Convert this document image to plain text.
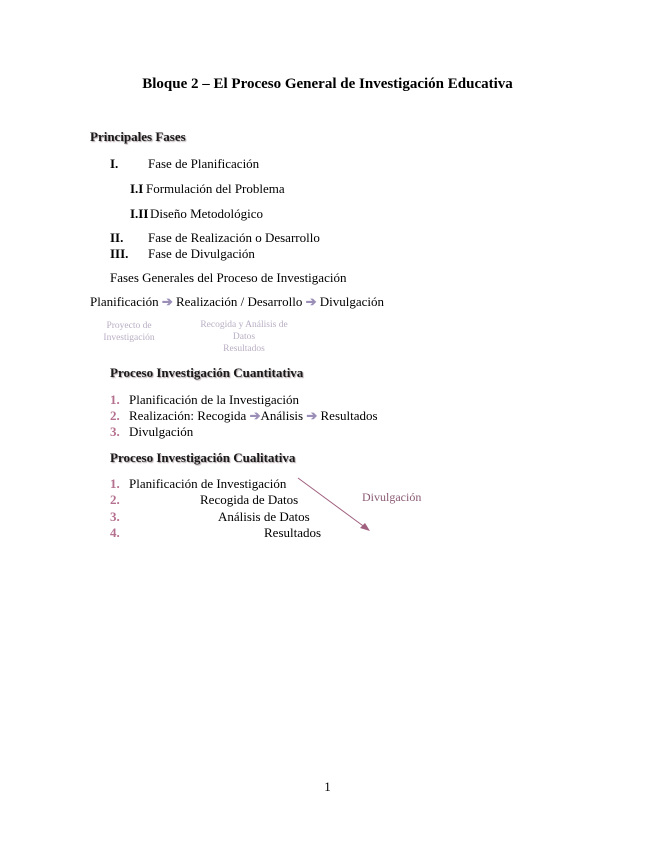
Bloque 2 – El Proceso General de Investigación Educativa
Principales Fases
I. Fase de Planificación
I.I Formulación del Problema
I.II Diseño Metodológico
II. Fase de Realización o Desarrollo
III. Fase de Divulgación
Fases Generales del Proceso de Investigación
Planificación ➔ Realización / Desarrollo ➔ Divulgación
Proyecto de
Investigación
Recogida y Análisis de
Datos
Resultados
Proceso Investigación Cuantitativa
1. Planificación de la Investigación
2. Realización: Recogida ➔Análisis ➔ Resultados
3. Divulgación
Proceso Investigación Cualitativa
1. Planificación de Investigación
2.	Recogida de Datos
3.	Análisis de Datos
4.	Resultados
Divulgación
1
